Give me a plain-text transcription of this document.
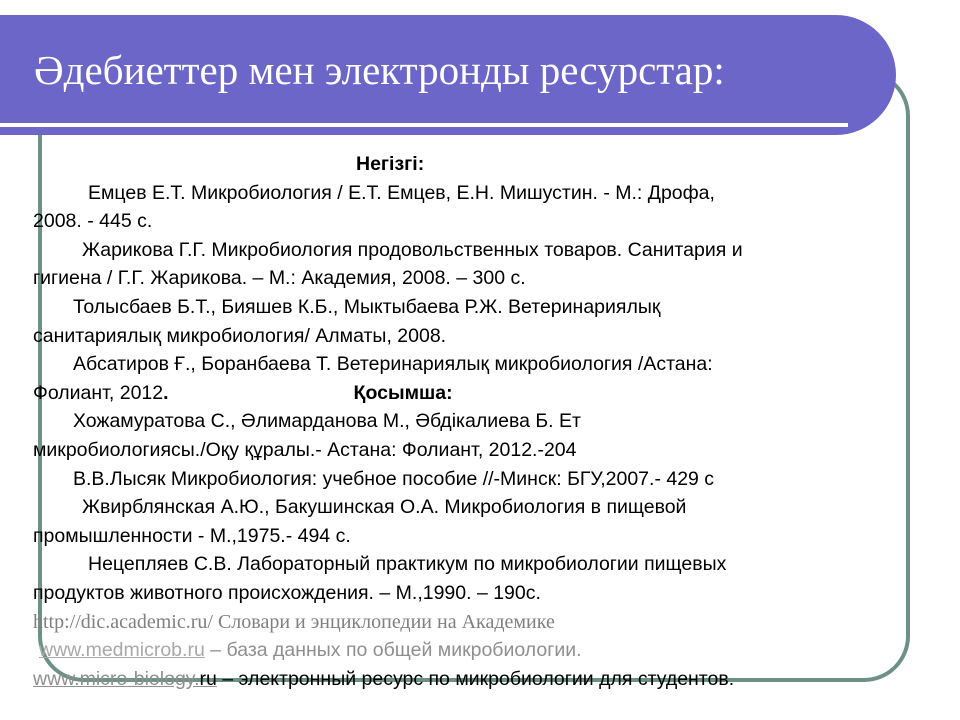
Әдебиеттер мен электронды ресурстар:
Негізгі:
Емцев Е.Т. Микробиология / Е.Т. Емцев, Е.Н. Мишустин. - М.: Дрофа,
2008. - 445 с.
Жарикова Г.Г. Микробиология продовольственных товаров. Санитария и
гигиена / Г.Г. Жарикова. – М.: Академия, 2008. – 300 с.
Толысбаев Б.Т., Бияшев К.Б., Мыктыбаева Р.Ж. Ветеринариялық
санитариялық микробиология/ Алматы, 2008.
Абсатиров Ғ., Боранбаева Т. Ветеринариялық микробиология /Астана:
Фолиант, 2012.	Қосымша:
Хожамуратова С., Әлимарданова М., Әбдікалиева Б. Ет
микробиологиясы./Оқу құралы.- Астана: Фолиант, 2012.-204
В.В.Лысяк Микробиология: учебное пособие //-Минск: БГУ,2007.- 429 с
Жвирблянская А.Ю., Бакушинская О.А. Микробиология в пищевой
промышленности - М.,1975.- 494 с.
Нецепляев С.В. Лабораторный практикум по микробиологии пищевых
продуктов животного происхождения. – М.,1990. – 190с.
http://dic.academic.ru/ Словари и энциклопедии на Академике
www.medmicrob.ru – база данных по общей микробиологии.
www.micro-biology.ru – электронный ресурс по микробиологии для студентов.
